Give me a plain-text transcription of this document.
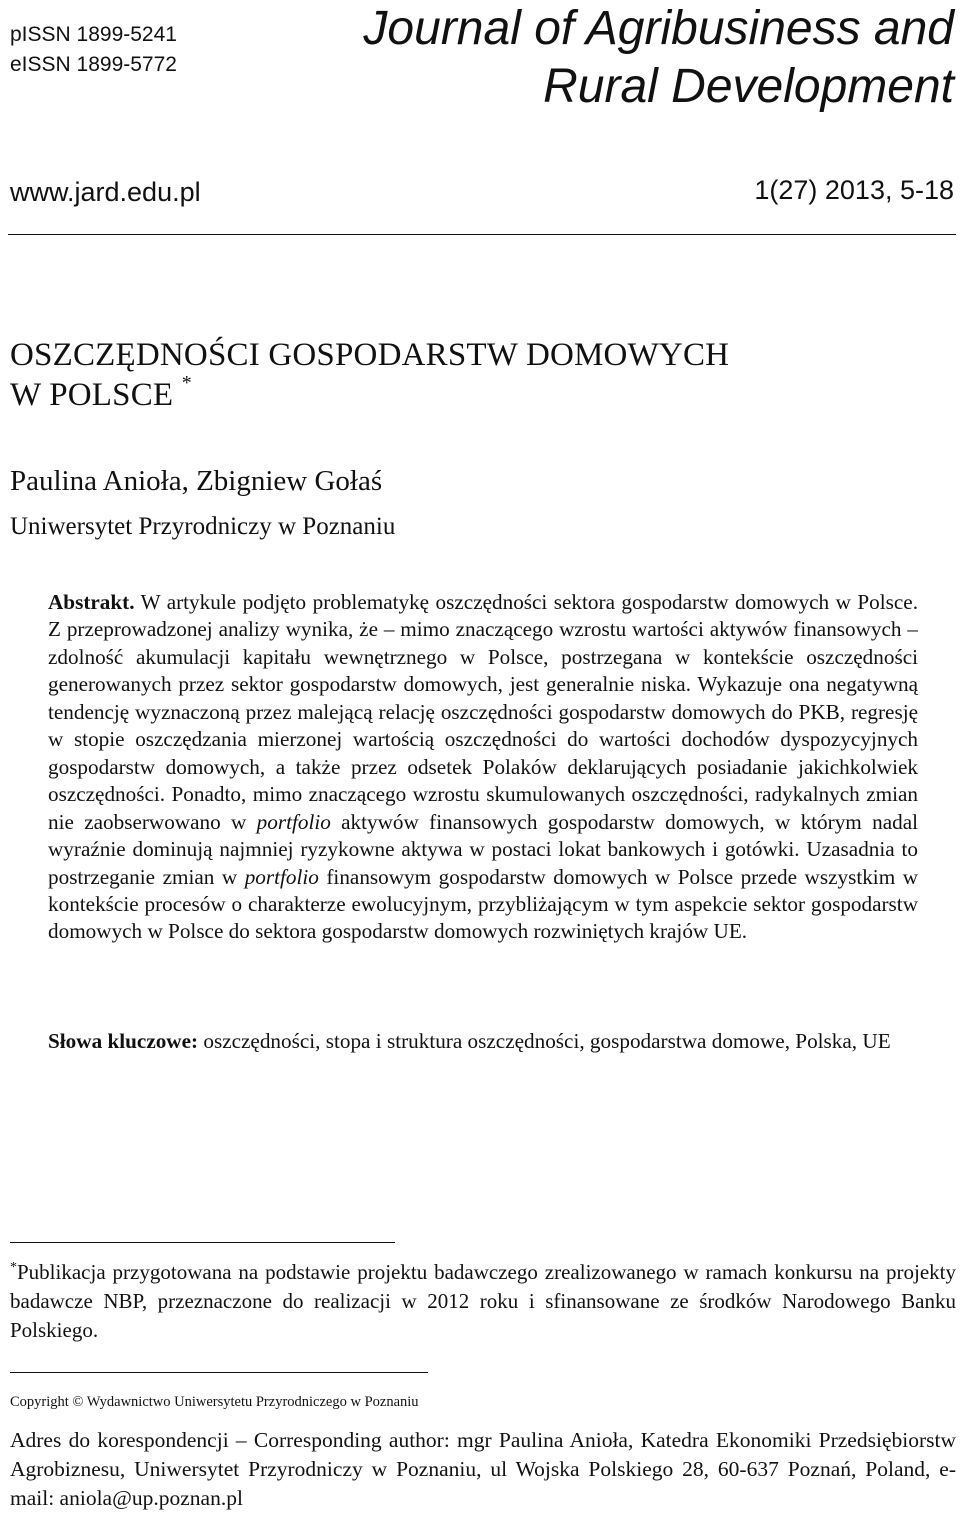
pISSN 1899-5241
eISSN 1899-5772
Journal of Agribusiness and
Rural Development
www.jard.edu.pl	1(27) 2013, 5-18
OSZCZĘDNOŚCI GOSPODARSTW DOMOWYCH
W POLSCE *
Paulina Anioła, Zbigniew Gołaś
Uniwersytet Przyrodniczy w Poznaniu
Abstrakt. W artykule podjęto problematykę oszczędności sektora gospodarstw domowych w Polsce. Z przeprowadzonej analizy wynika, że – mimo znaczącego wzrostu wartości aktywów finansowych – zdolność akumulacji kapitału wewnętrznego w Polsce, postrzegana w kontekście oszczędności generowanych przez sektor gospodarstw domowych, jest generalnie niska. Wykazuje ona negatywną tendencję wyznaczoną przez malejącą relację oszczędności gospodarstw domowych do PKB, regresję w stopie oszczędzania mierzonej wartością oszczędności do wartości dochodów dyspozycyjnych gospodarstw domowych, a także przez odsetek Polaków deklarujących posiadanie jakichkolwiek oszczędności. Ponadto, mimo znaczącego wzrostu skumulowanych oszczędności, radykalnych zmian nie zaobserwowano w portfolio aktywów finansowych gospodarstw domowych, w którym nadal wyraźnie dominują najmniej ryzykowne aktywa w postaci lokat bankowych i gotówki. Uzasadnia to postrzeganie zmian w portfolio finansowym gospodarstw domowych w Polsce przede wszystkim w kontekście procesów o charakterze ewolucyjnym, przybliżającym w tym aspekcie sektor gospodarstw domowych w Polsce do sektora gospodarstw domowych rozwiniętych krajów UE.
Słowa kluczowe: oszczędności, stopa i struktura oszczędności, gospodarstwa domowe, Polska, UE
*Publikacja przygotowana na podstawie projektu badawczego zrealizowanego w ramach konkursu na projekty badawcze NBP, przeznaczone do realizacji w 2012 roku i sfinansowane ze środków Narodowego Banku Polskiego.
Copyright © Wydawnictwo Uniwersytetu Przyrodniczego w Poznaniu
Adres do korespondencji – Corresponding author: mgr Paulina Anioła, Katedra Ekonomiki Przedsiębiorstw Agrobiznesu, Uniwersytet Przyrodniczy w Poznaniu, ul Wojska Polskiego 28, 60-637 Poznań, Poland, e-mail: aniola@up.poznan.pl
